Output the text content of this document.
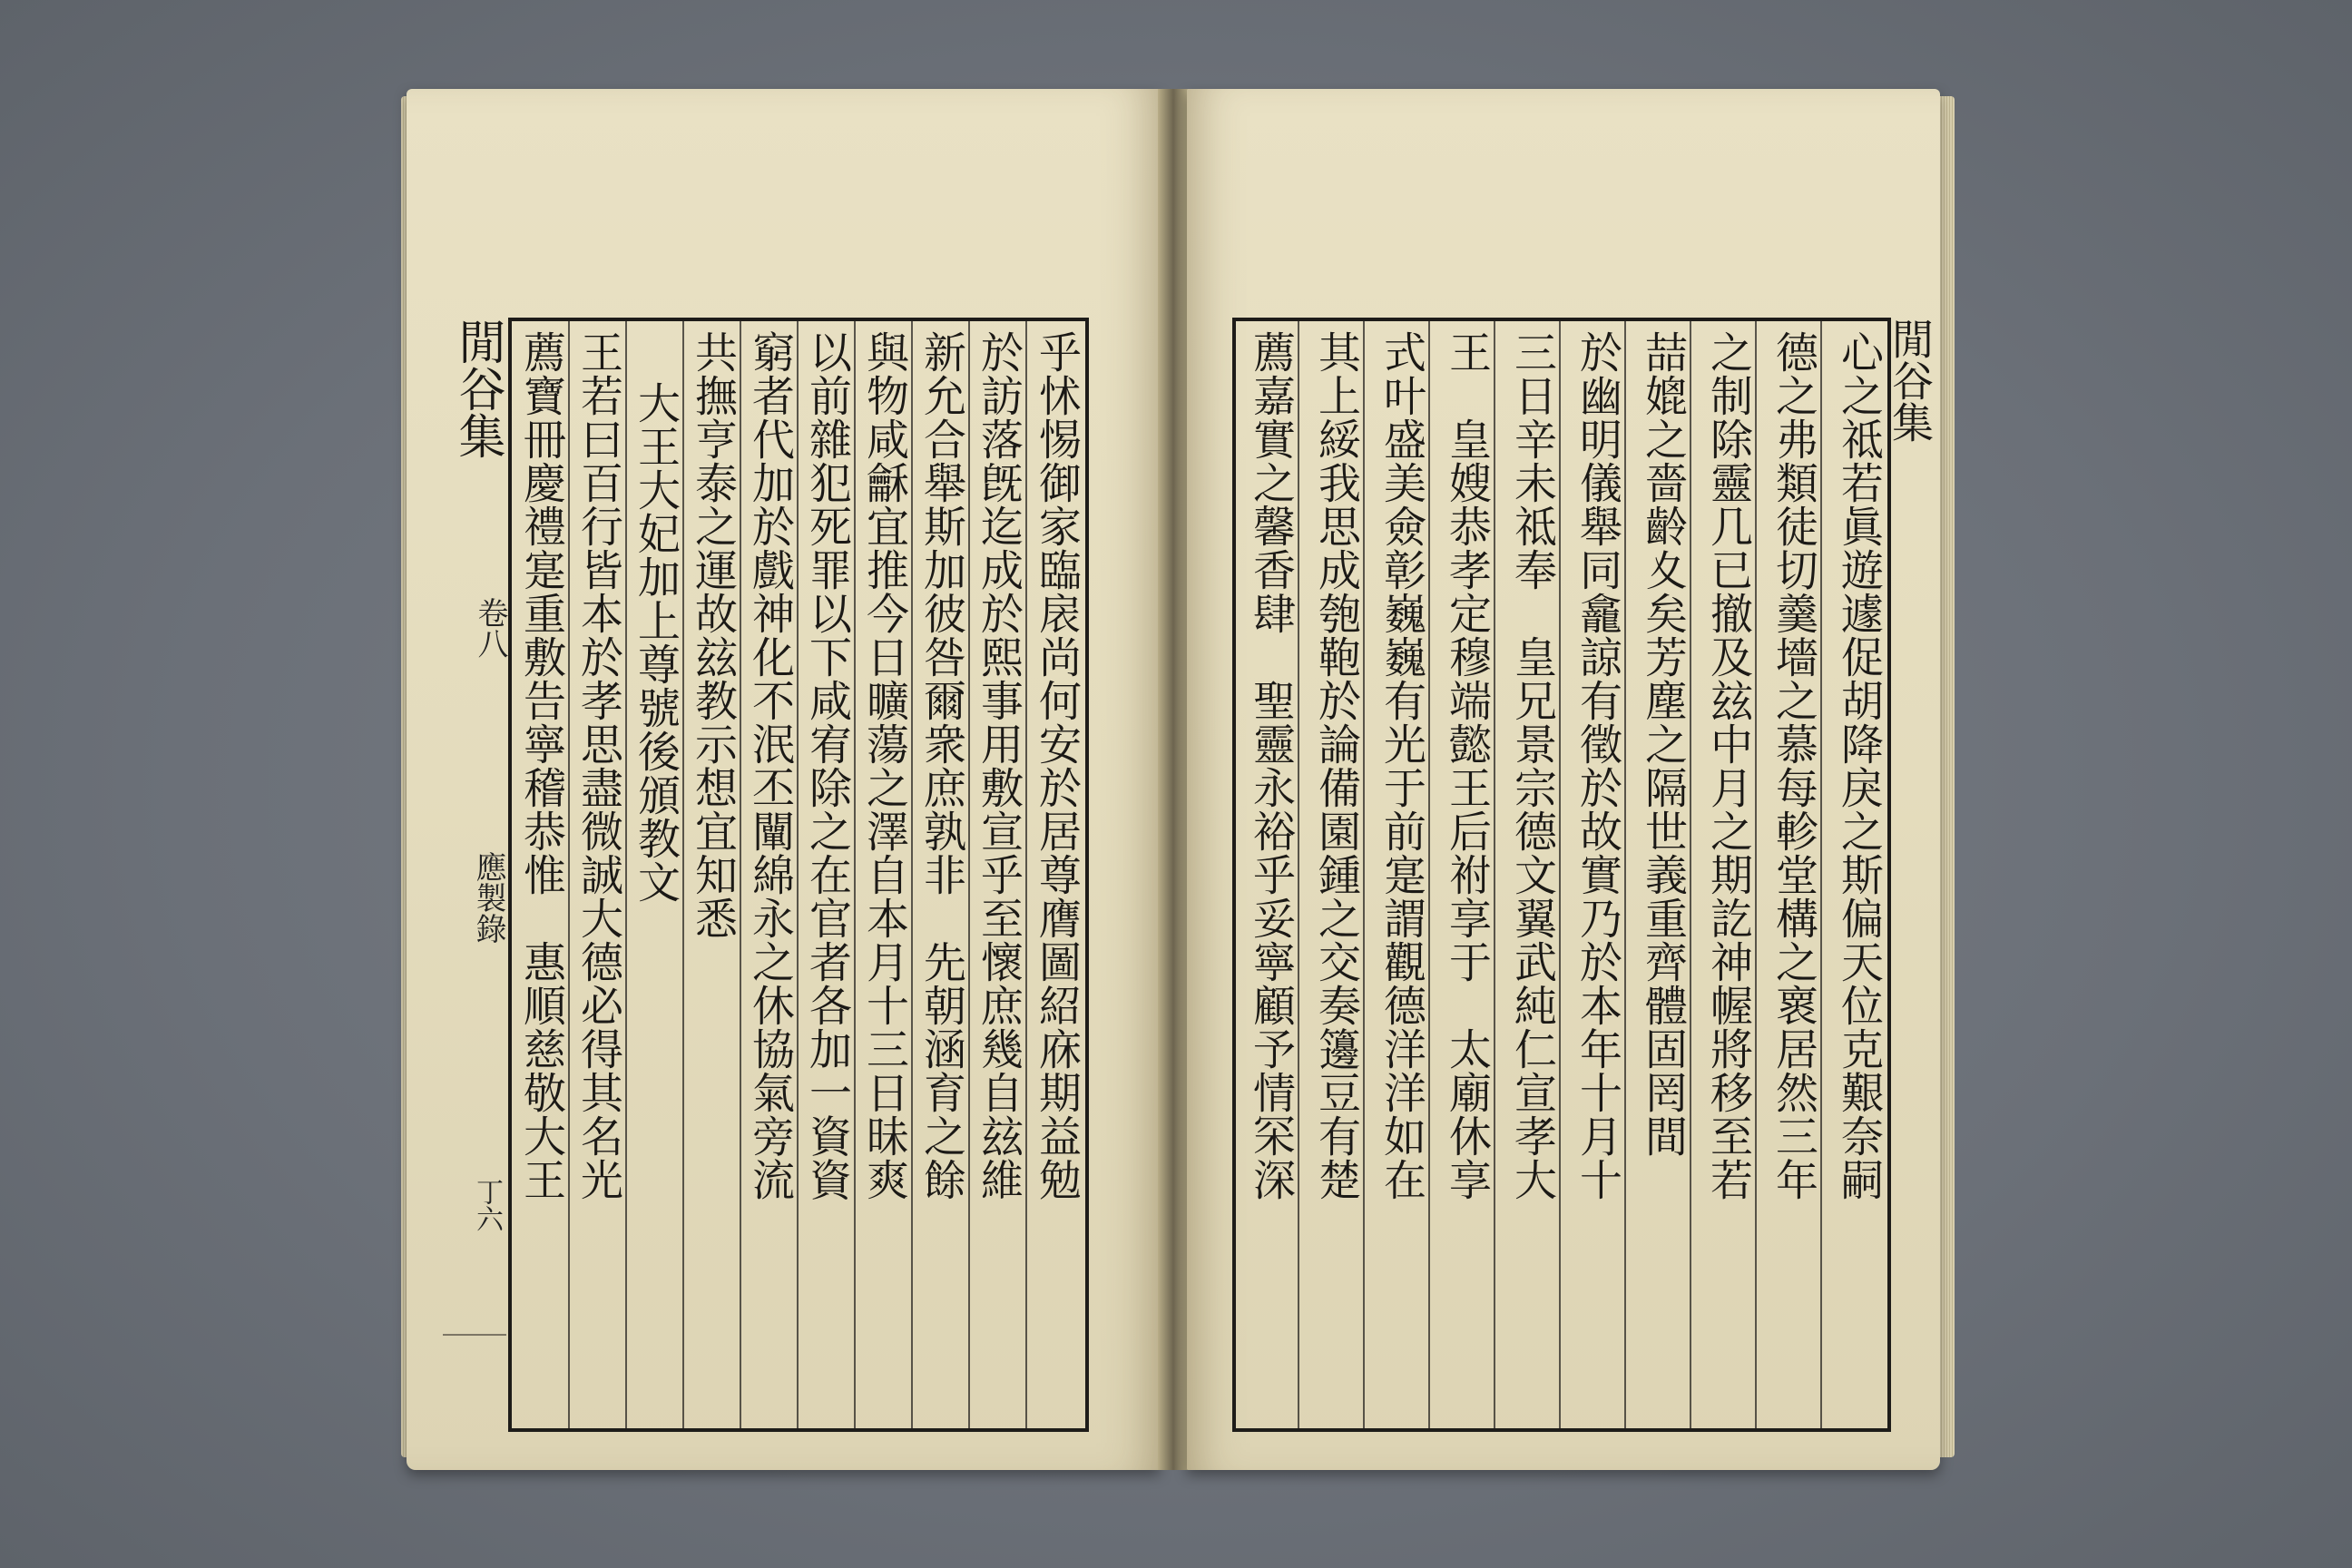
閒谷集
卷八
應製錄
丁六
乎怵惕御家臨扆尚何安於居尊膺圖紹庥期益勉
於訪落旣迄成於熙事用敷宣乎至懷庶幾自玆維
新允合舉斯加彼咎爾衆庶孰非　先朝涵育之餘
與物咸龢宜推今日曠蕩之澤自本月十三日昧爽
以前雜犯死罪以下咸宥除之在官者各加一資資
窮者代加於戲神化不泯丕闡綿永之休協氣旁流
共撫亨泰之運故玆教示想宜知悉
大王大妃加上尊號後頒教文
王若曰百行皆本於孝思盡微誠大德必得其名光
薦寶冊慶禮寔重敷告寧稽恭惟　惠順慈敬大王	心之祗若眞遊遽促胡降戾之斯偏天位克艱奈嗣
德之弗類徒切羹墻之慕每軫堂構之褱居然三年
之制除靈几已撤及玆中月之期訖神幄將移至若
喆媲之嗇齡夊矣芳塵之隔世義重齊體固罔間
於幽明儀舉同龕諒有徵於故實乃於本年十月十
三日辛未祗奉　皇兄景宗德文翼武純仁宣孝大
王　皇嫂恭孝定穆端懿王后祔享于　太廟休享
式叶盛美僉彰巍巍有光于前寔謂觀德洋洋如在
其上綏我思成匏鞄於論備園鍾之交奏籩豆有楚
薦嘉實之馨香肆　聖靈永裕乎妥寧顧予情罙深	閒谷集
